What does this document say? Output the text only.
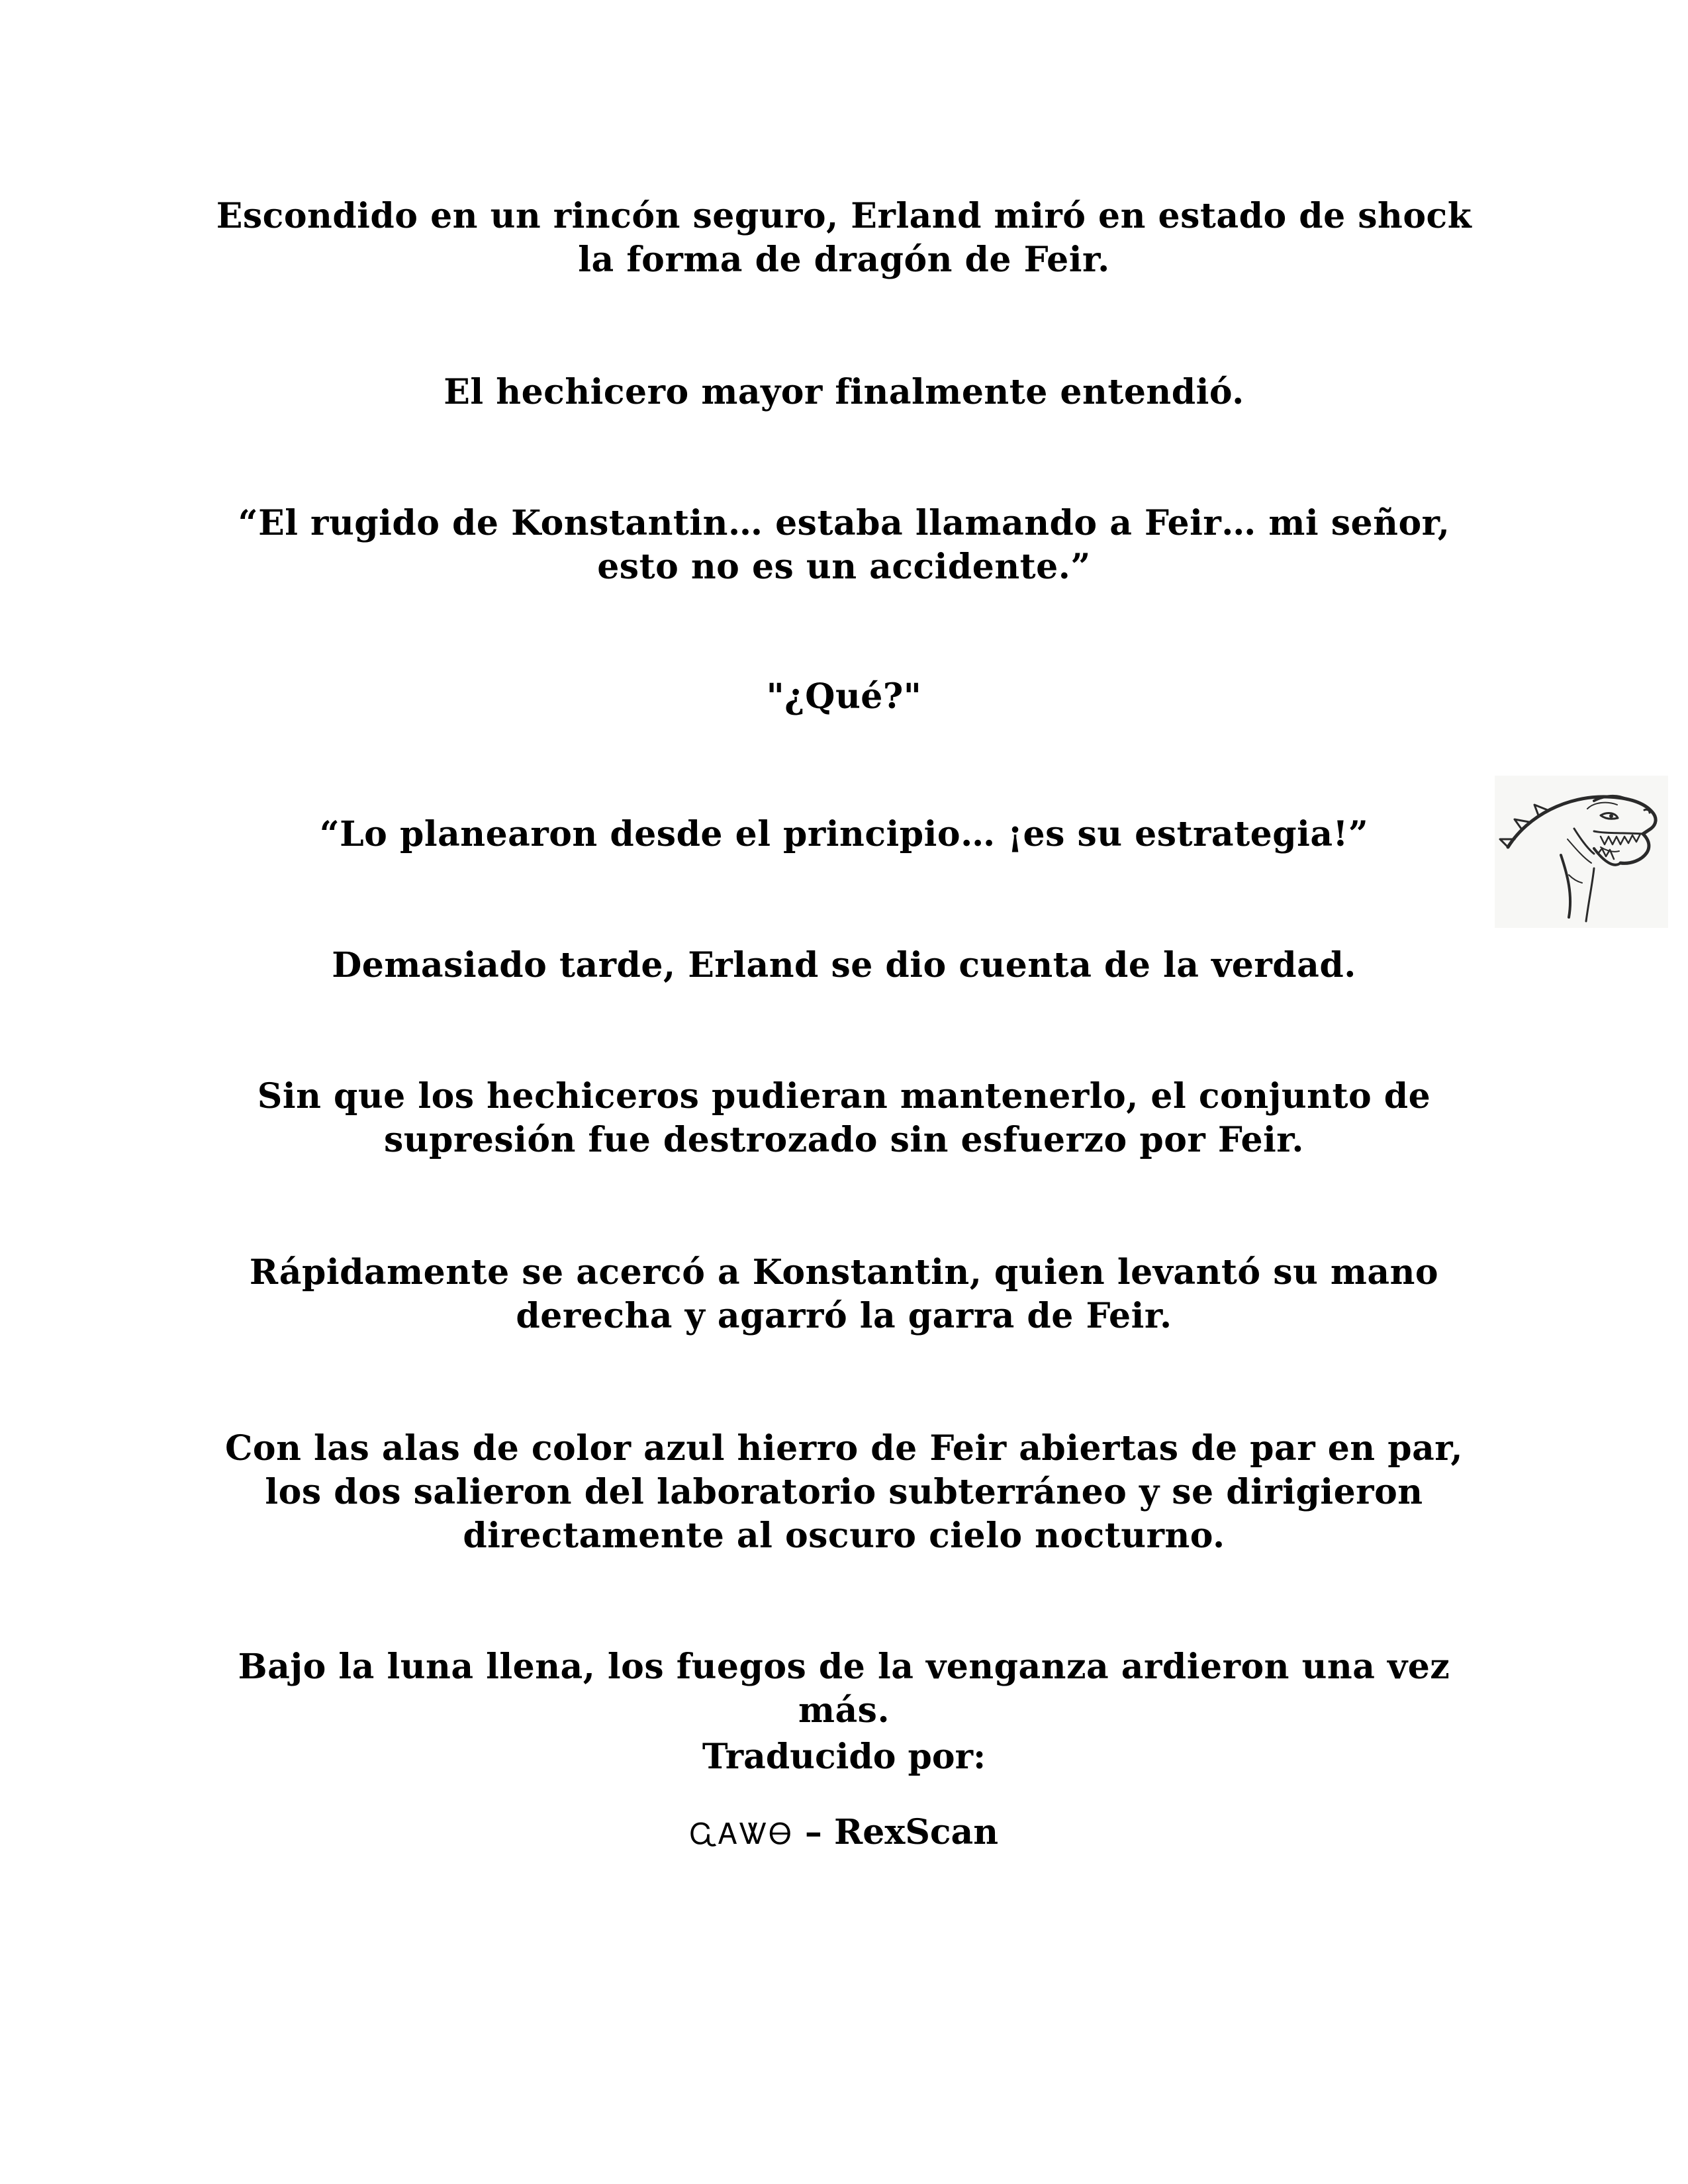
Escondido en un rincón seguro, Erland miró en estado de shock la forma de dragón de Feir.

El hechicero mayor finalmente entendió.

“El rugido de Konstantin… estaba llamando a Feir… mi señor, esto no es un accidente.”

"¿Qué?"

“Lo planearon desde el principio… ¡es su estrategia!”

Demasiado tarde, Erland se dio cuenta de la verdad.

Sin que los hechiceros pudieran mantenerlo, el conjunto de supresión fue destrozado sin esfuerzo por Feir.

Rápidamente se acercó a Konstantin, quien levantó su mano derecha y agarró la garra de Feir.

Con las alas de color azul hierro de Feir abiertas de par en par, los dos salieron del laboratorio subterráneo y se dirigieron directamente al oscuro cielo nocturno.

Bajo la luna llena, los fuegos de la venganza ardieron una vez más.

Traducido por:
ᏩᎪᏔᎾ – RexScan
